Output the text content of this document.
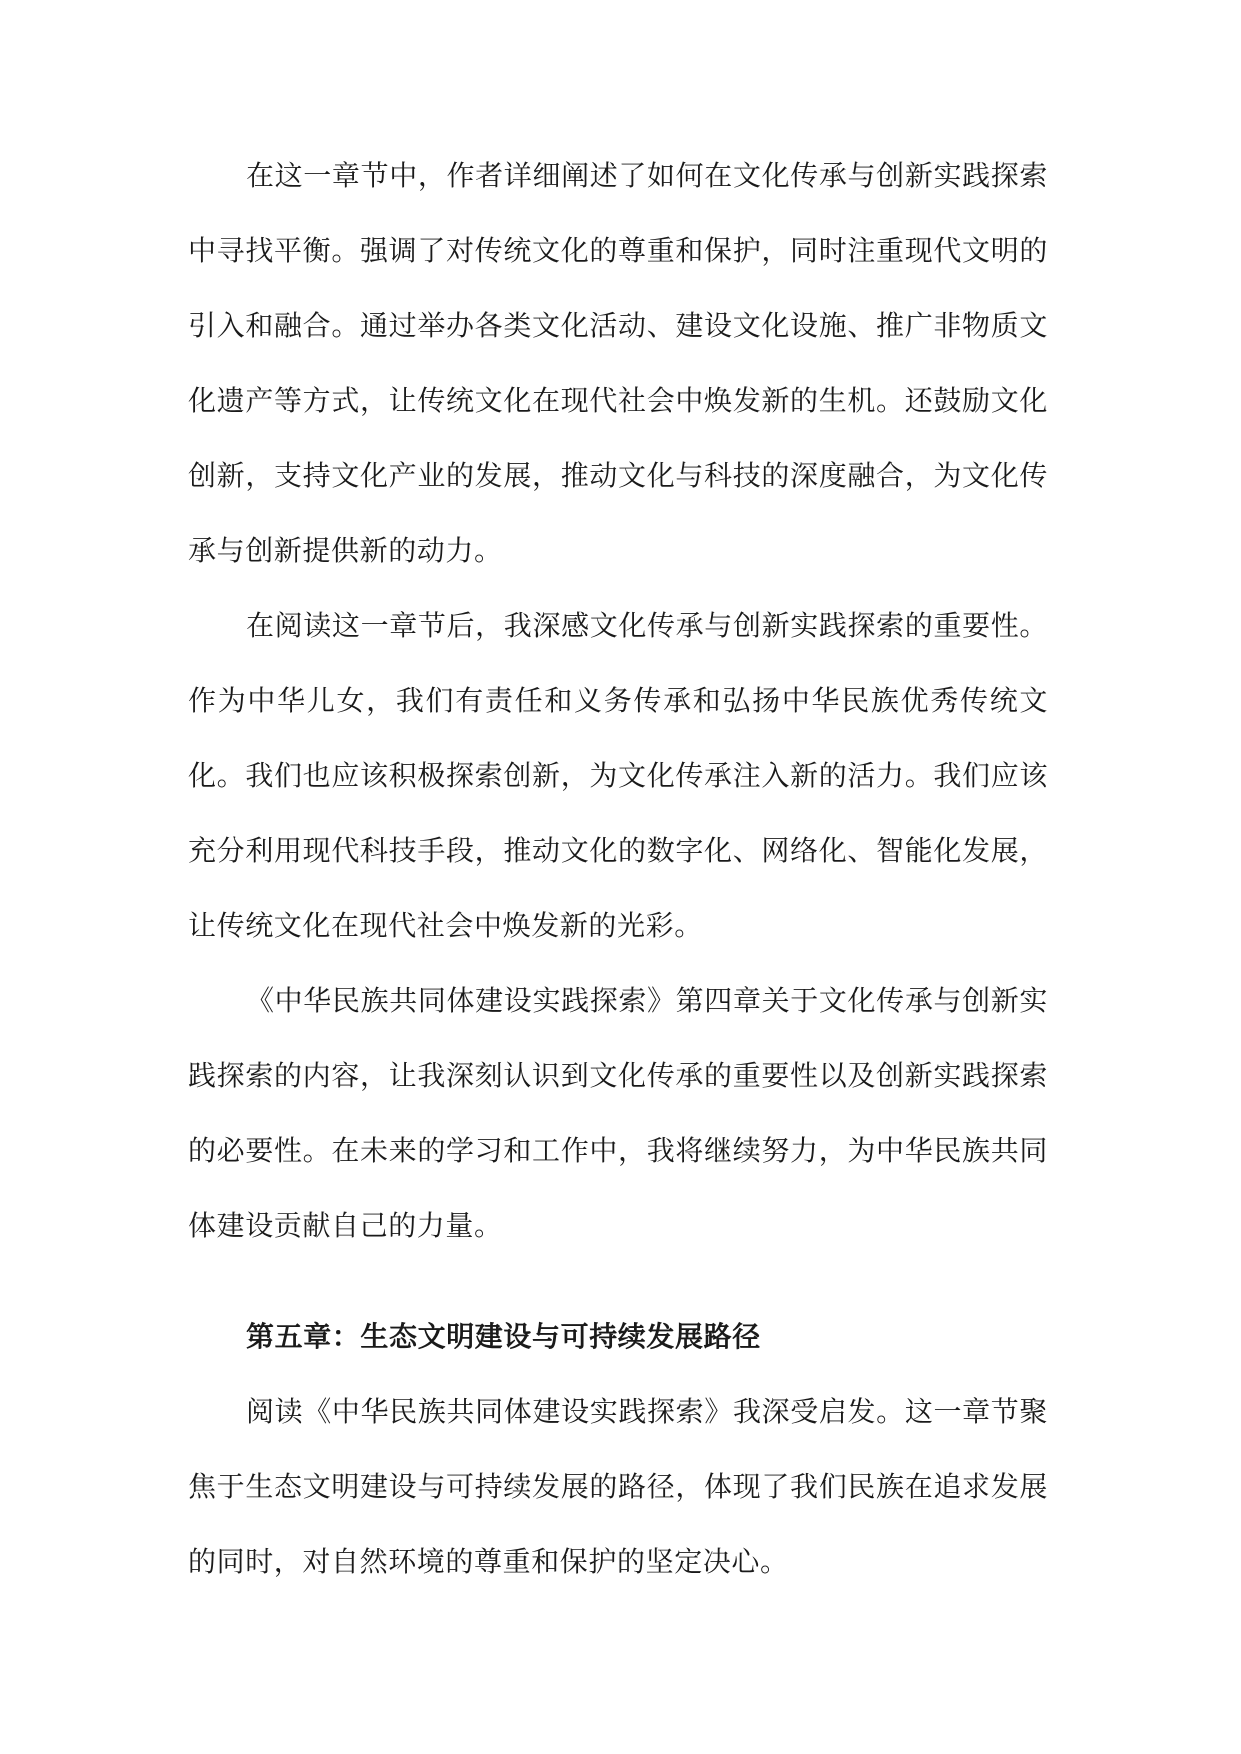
在这一章节中，作者详细阐述了如何在文化传承与创新实践探索中寻找平衡。强调了对传统文化的尊重和保护，同时注重现代文明的引入和融合。通过举办各类文化活动、建设文化设施、推广非物质文化遗产等方式，让传统文化在现代社会中焕发新的生机。还鼓励文化创新，支持文化产业的发展，推动文化与科技的深度融合，为文化传承与创新提供新的动力。

在阅读这一章节后，我深感文化传承与创新实践探索的重要性。作为中华儿女，我们有责任和义务传承和弘扬中华民族优秀传统文化。我们也应该积极探索创新，为文化传承注入新的活力。我们应该充分利用现代科技手段，推动文化的数字化、网络化、智能化发展，让传统文化在现代社会中焕发新的光彩。

《中华民族共同体建设实践探索》第四章关于文化传承与创新实践探索的内容，让我深刻认识到文化传承的重要性以及创新实践探索的必要性。在未来的学习和工作中，我将继续努力，为中华民族共同体建设贡献自己的力量。

第五章：生态文明建设与可持续发展路径

阅读《中华民族共同体建设实践探索》我深受启发。这一章节聚焦于生态文明建设与可持续发展的路径，体现了我们民族在追求发展的同时，对自然环境的尊重和保护的坚定决心。
